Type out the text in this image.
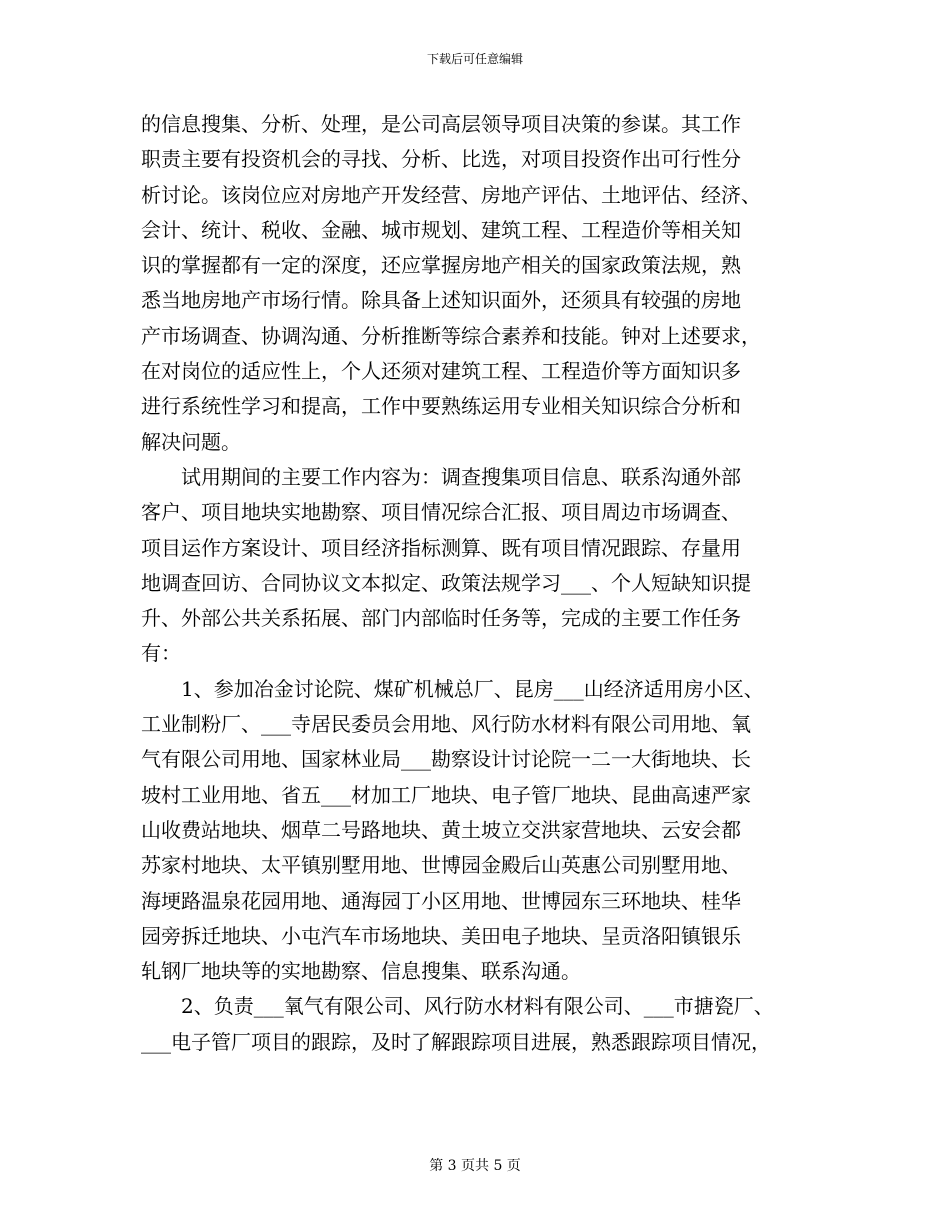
下载后可任意编辑
的信息搜集、分析、处理，是公司高层领导项目决策的参谋。其工作
职责主要有投资机会的寻找、分析、比选，对项目投资作出可行性分
析讨论。该岗位应对房地产开发经营、房地产评估、土地评估、经济、
会计、统计、税收、金融、城市规划、建筑工程、工程造价等相关知
识的掌握都有一定的深度，还应掌握房地产相关的国家政策法规，熟
悉当地房地产市场行情。除具备上述知识面外，还须具有较强的房地
产市场调查、协调沟通、分析推断等综合素养和技能。钟对上述要求，
在对岗位的适应性上，个人还须对建筑工程、工程造价等方面知识多
进行系统性学习和提高，工作中要熟练运用专业相关知识综合分析和
解决问题。
　　试用期间的主要工作内容为：调查搜集项目信息、联系沟通外部
客户、项目地块实地勘察、项目情况综合汇报、项目周边市场调查、
项目运作方案设计、项目经济指标测算、既有项目情况跟踪、存量用
地调查回访、合同协议文本拟定、政策法规学习___、个人短缺知识提
升、外部公共关系拓展、部门内部临时任务等，完成的主要工作任务
有：
　　1、参加冶金讨论院、煤矿机械总厂、昆房___山经济适用房小区、
工业制粉厂、___寺居民委员会用地、风行防水材料有限公司用地、氧
气有限公司用地、国家林业局___勘察设计讨论院一二一大街地块、长
坡村工业用地、省五___材加工厂地块、电子管厂地块、昆曲高速严家
山收费站地块、烟草二号路地块、黄土坡立交洪家营地块、云安会都
苏家村地块、太平镇别墅用地、世博园金殿后山英惠公司别墅用地、
海埂路温泉花园用地、通海园丁小区用地、世博园东三环地块、桂华
园旁拆迁地块、小屯汽车市场地块、美田电子地块、呈贡洛阳镇银乐
轧钢厂地块等的实地勘察、信息搜集、联系沟通。
　　2、负责___氧气有限公司、风行防水材料有限公司、___市搪瓷厂、
___电子管厂项目的跟踪，及时了解跟踪项目进展，熟悉跟踪项目情况，
第 3 页共 5 页
